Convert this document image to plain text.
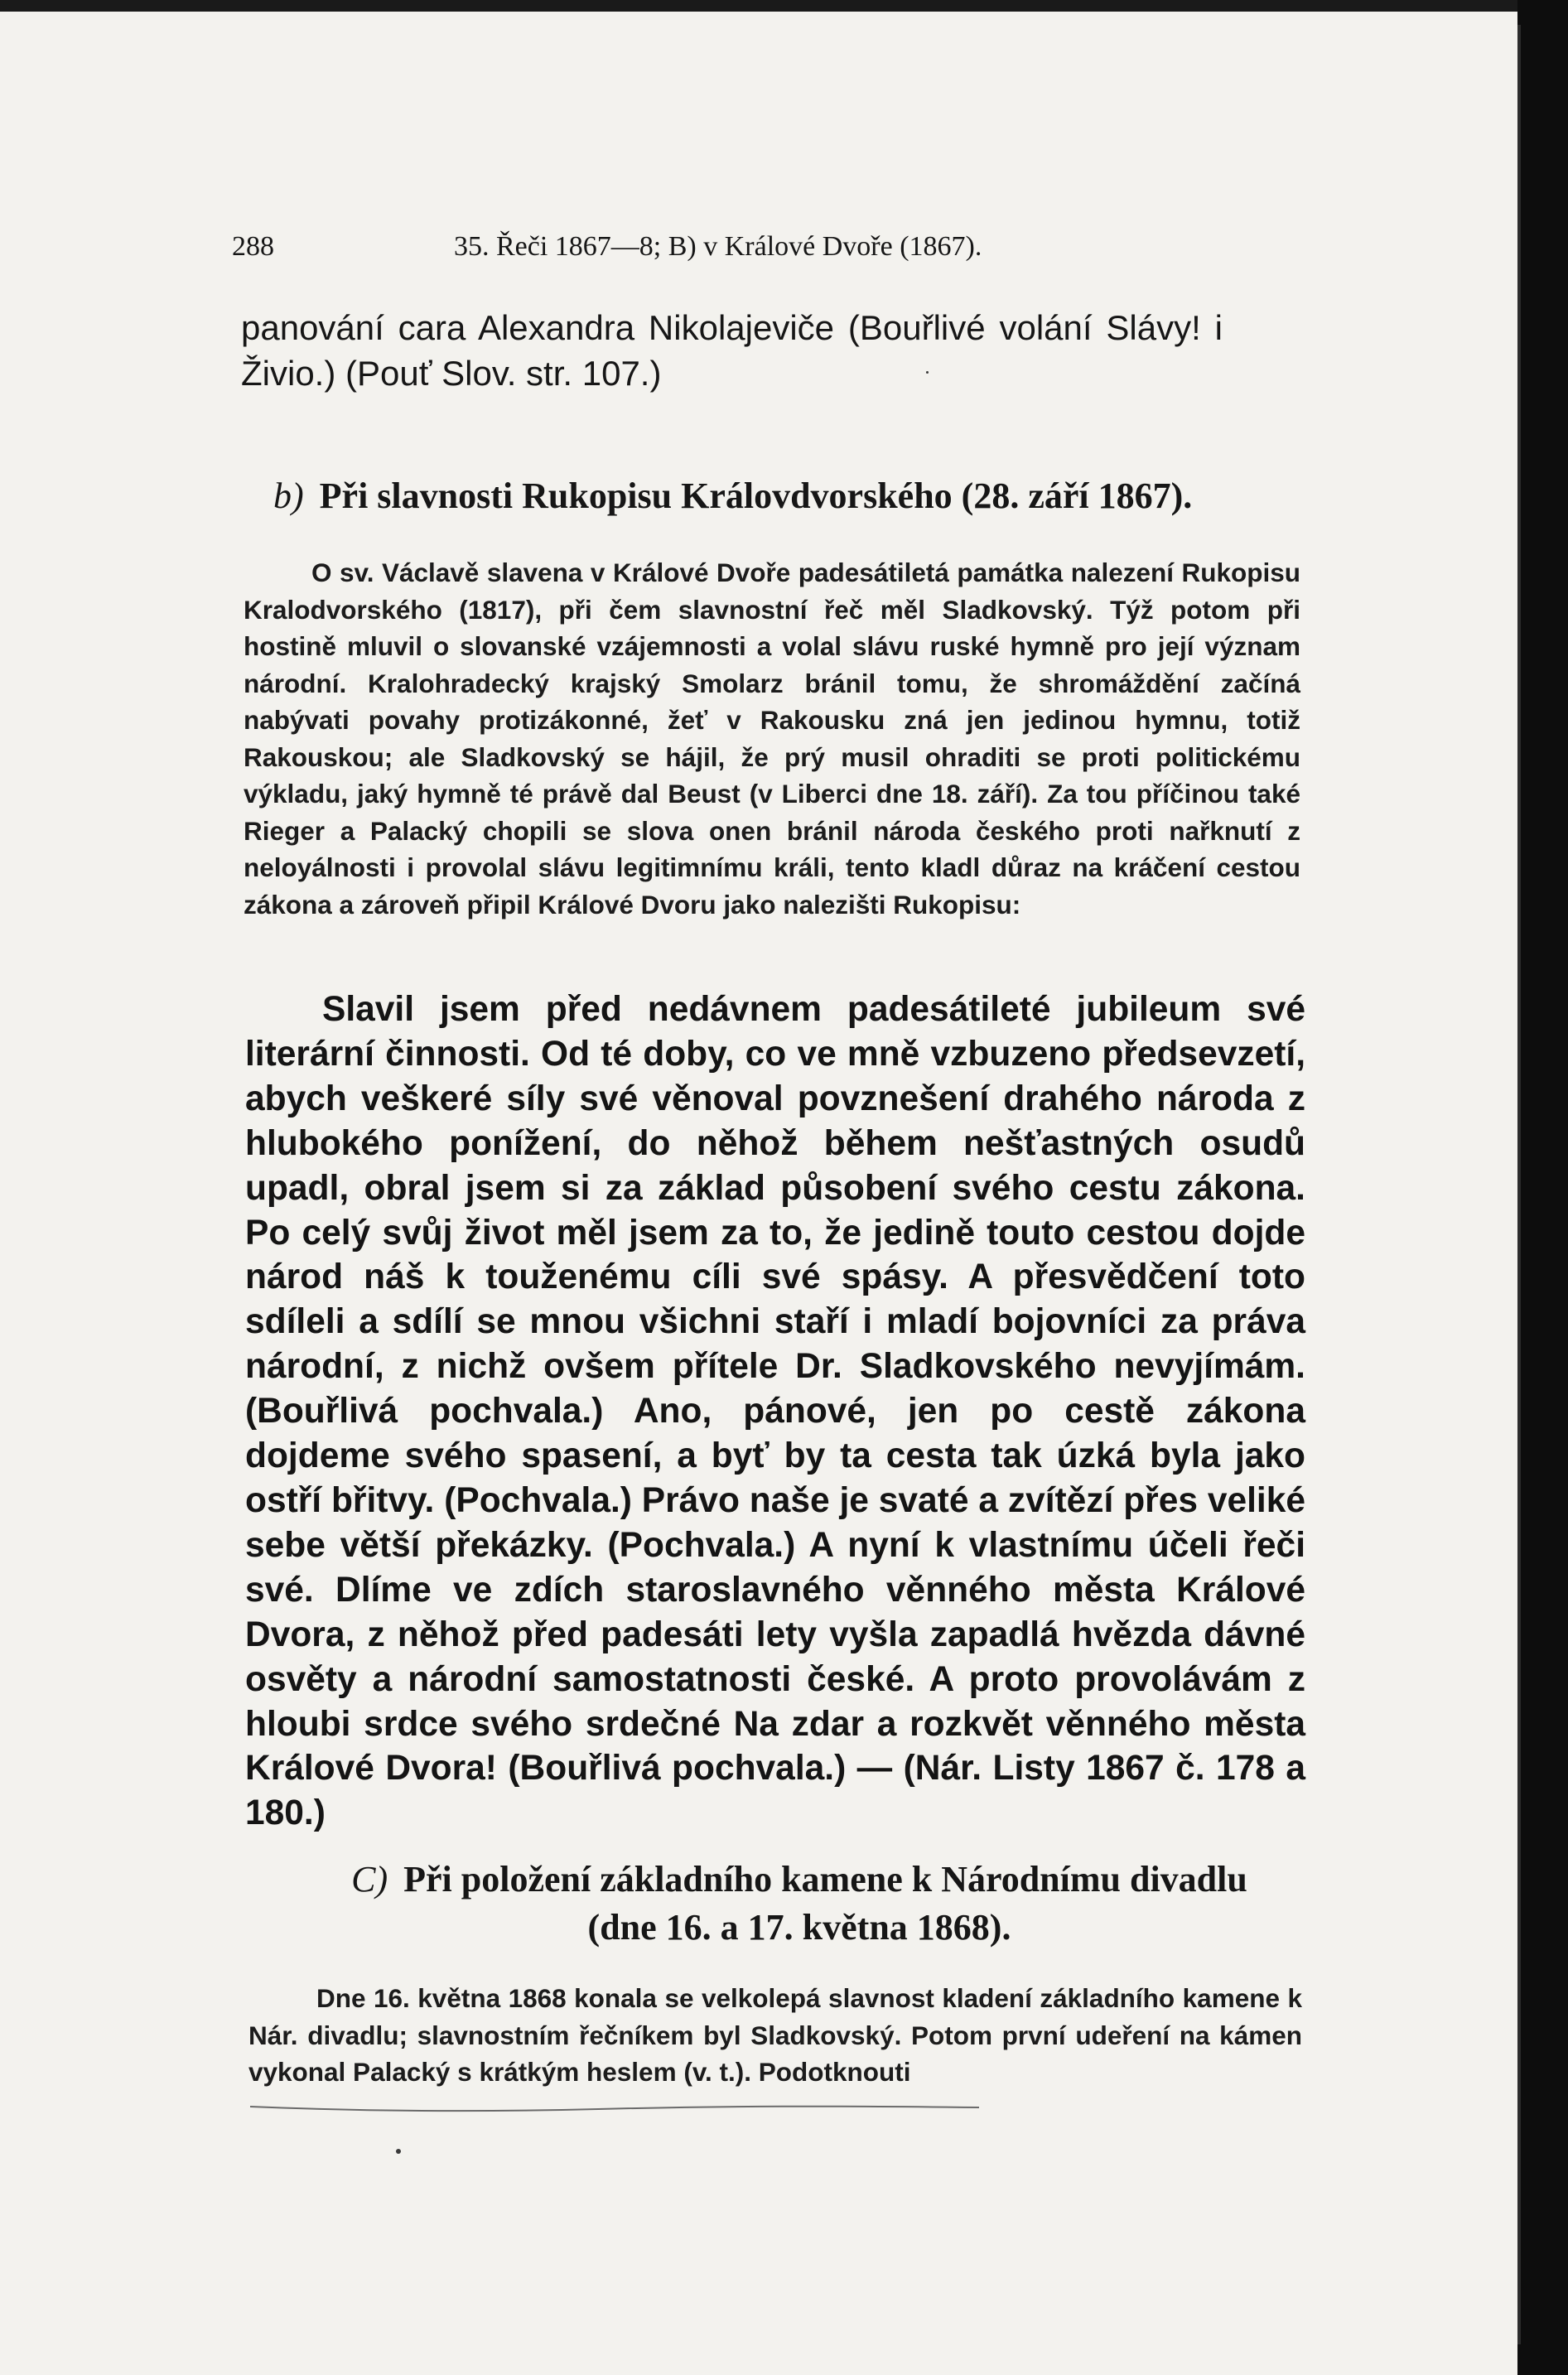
288	35. Řeči 1867—8; B) v Králové Dvoře (1867).
panování cara Alexandra Nikolajeviče (Bouřlivé volání Slávy! i Živio.) (Pouť Slov. str. 107.)
b) Při slavnosti Rukopisu Královdvorského (28. září 1867).

O sv. Václavě slavena v Králové Dvoře padesátiletá památka nalezení Rukopisu Kralodvorského (1817), při čem slavnostní řeč měl Sladkovský. Týž potom při hostině mluvil o slovanské vzájemnosti a volal slávu ruské hymně pro její význam národní. Kralohradecký krajský Smolarz bránil tomu, že shromáždění začíná nabývati povahy protizákonné, žeť v Rakousku zná jen jedinou hymnu, totiž Rakouskou; ale Sladkovský se hájil, že prý musil ohraditi se proti politickému výkladu, jaký hymně té právě dal Beust (v Liberci dne 18. září). Za tou příčinou také Rieger a Palacký chopili se slova onen bránil národa českého proti nařknutí z neloyálnosti i provolal slávu legitimnímu králi, tento kladl důraz na kráčení cestou zákona a zároveň připil Králové Dvoru jako nalezišti Rukopisu:

Slavil jsem před nedávnem padesátileté jubileum své literární činnosti. Od té doby, co ve mně vzbuzeno předsevzetí, abych veškeré síly své věnoval povznešení drahého národa z hlubokého ponížení, do něhož během nešťastných osudů upadl, obral jsem si za základ působení svého cestu zákona. Po celý svůj život měl jsem za to, že jedině touto cestou dojde národ náš k touženému cíli své spásy. A přesvědčení toto sdíleli a sdílí se mnou všichni staří i mladí bojovníci za práva národní, z nichž ovšem přítele Dr. Sladkovského nevyjímám. (Bouřlivá pochvala.) Ano, pánové, jen po cestě zákona dojdeme svého spasení, a byť by ta cesta tak úzká byla jako ostří břitvy. (Pochvala.) Právo naše je svaté a zvítězí přes veliké sebe větší překázky. (Pochvala.) A nyní k vlastnímu účeli řeči své. Dlíme ve zdích staroslavného věnného města Králové Dvora, z něhož před padesáti lety vyšla zapadlá hvězda dávné osvěty a národní samostatnosti české. A proto provolávám z hloubi srdce svého srdečné Na zdar a rozkvět věnného města Králové Dvora! (Bouřlivá pochvala.) — (Nár. Listy 1867 č. 178 a 180.)

C) Při položení základního kamene k Národnímu divadlu
(dne 16. a 17. května 1868).

Dne 16. května 1868 konala se velkolepá slavnost kladení základního kamene k Nár. divadlu; slavnostním řečníkem byl Sladkovský. Potom první udeření na kámen vykonal Palacký s krátkým heslem (v. t.). Podotknouti
